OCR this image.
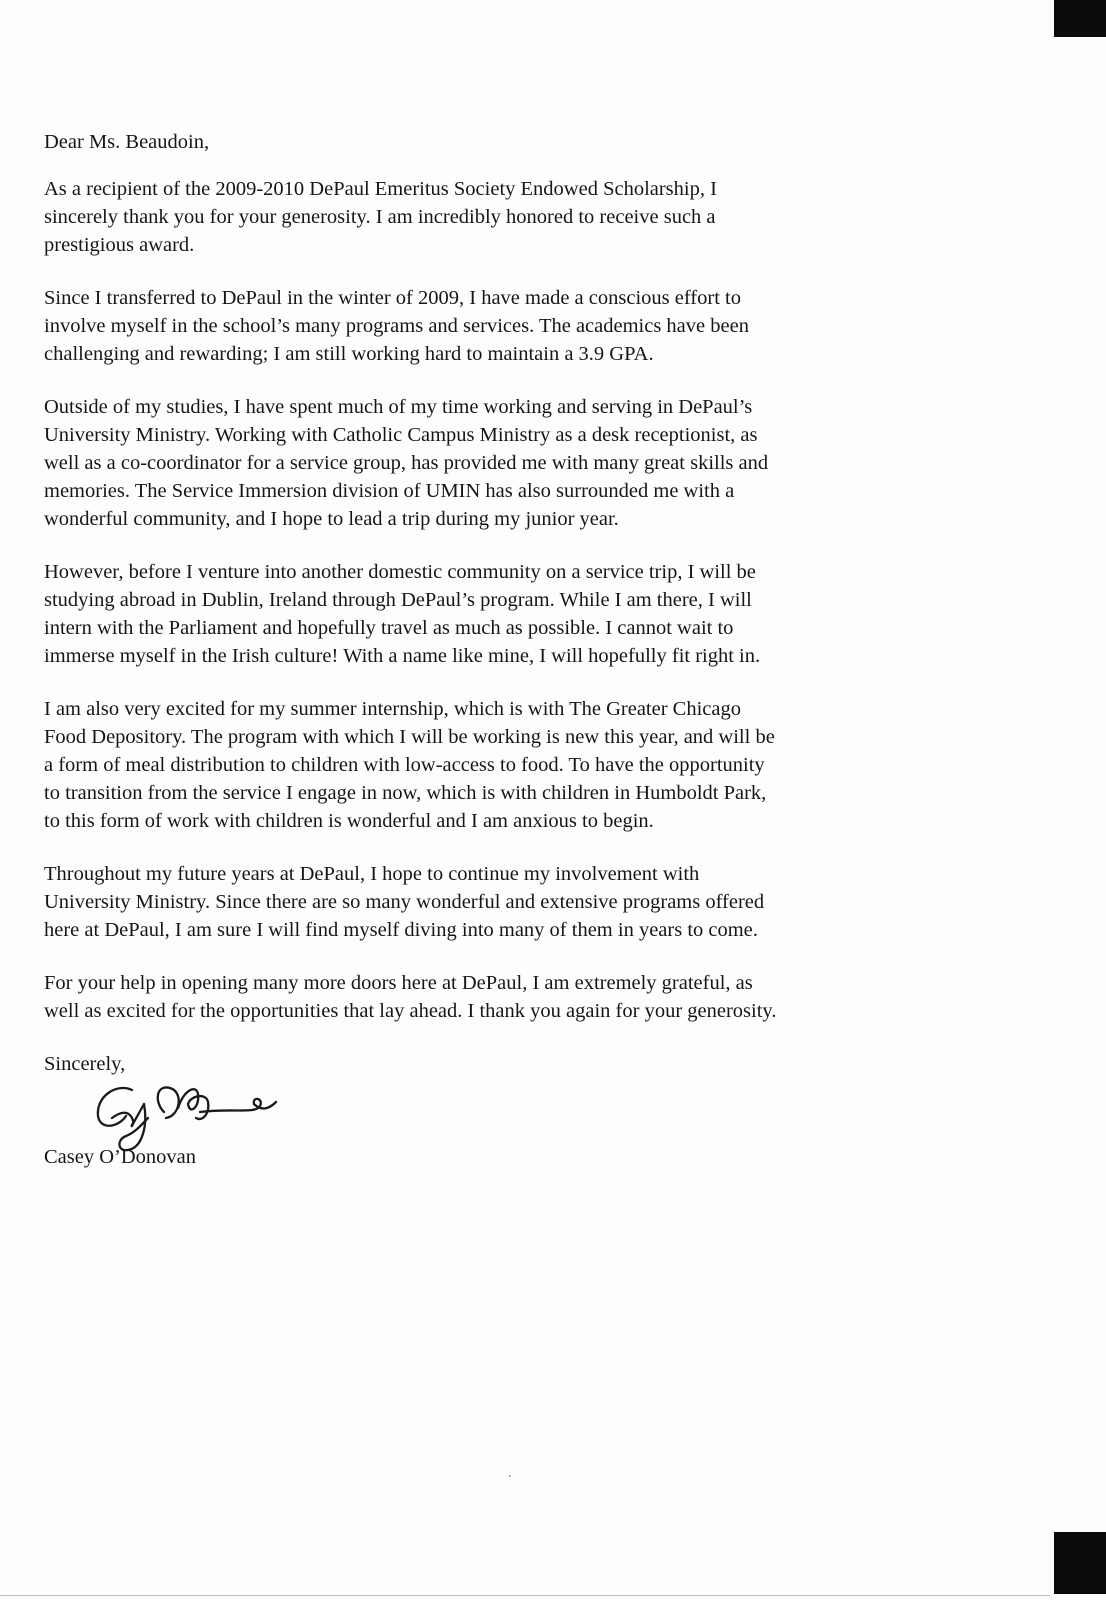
Dear Ms. Beaudoin,

As a recipient of the 2009-2010 DePaul Emeritus Society Endowed Scholarship, I
sincerely thank you for your generosity. I am incredibly honored to receive such a
prestigious award.

Since I transferred to DePaul in the winter of 2009, I have made a conscious effort to
involve myself in the school’s many programs and services. The academics have been
challenging and rewarding; I am still working hard to maintain a 3.9 GPA.

Outside of my studies, I have spent much of my time working and serving in DePaul’s
University Ministry. Working with Catholic Campus Ministry as a desk receptionist, as
well as a co-coordinator for a service group, has provided me with many great skills and
memories. The Service Immersion division of UMIN has also surrounded me with a
wonderful community, and I hope to lead a trip during my junior year.

However, before I venture into another domestic community on a service trip, I will be
studying abroad in Dublin, Ireland through DePaul’s program. While I am there, I will
intern with the Parliament and hopefully travel as much as possible. I cannot wait to
immerse myself in the Irish culture! With a name like mine, I will hopefully fit right in.

I am also very excited for my summer internship, which is with The Greater Chicago
Food Depository. The program with which I will be working is new this year, and will be
a form of meal distribution to children with low-access to food. To have the opportunity
to transition from the service I engage in now, which is with children in Humboldt Park,
to this form of work with children is wonderful and I am anxious to begin.

Throughout my future years at DePaul, I hope to continue my involvement with
University Ministry. Since there are so many wonderful and extensive programs offered
here at DePaul, I am sure I will find myself diving into many of them in years to come.

For your help in opening many more doors here at DePaul, I am extremely grateful, as
well as excited for the opportunities that lay ahead. I thank you again for your generosity.

Sincerely,

Casey O’Donovan
